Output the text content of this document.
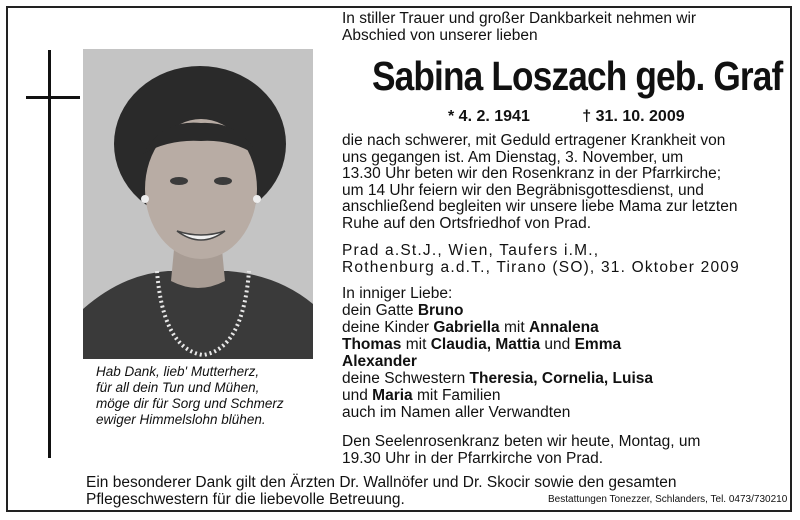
Hab Dank, lieb' Mutterherz,
für all dein Tun und Mühen,
möge dir für Sorg und Schmerz
ewiger Himmelslohn blühen.
In stiller Trauer und großer Dankbarkeit nehmen wir
Abschied von unserer lieben
Sabina Loszach geb. Graf
* 4. 2. 1941	† 31. 10. 2009
die nach schwerer, mit Geduld ertragener Krankheit von
uns gegangen ist. Am Dienstag, 3. November, um
13.30 Uhr beten wir den Rosenkranz in der Pfarrkirche;
um 14 Uhr feiern wir den Begräbnisgottesdienst, und
anschließend begleiten wir unsere liebe Mama zur letzten
Ruhe auf den Ortsfriedhof von Prad.
Prad a.St.J., Wien, Taufers i.M.,
Rothenburg a.d.T., Tirano (SO), 31. Oktober 2009
In inniger Liebe:
dein Gatte Bruno
deine Kinder Gabriella mit Annalena
Thomas mit Claudia, Mattia und Emma
Alexander
deine Schwestern Theresia, Cornelia, Luisa
und Maria mit Familien
auch im Namen aller Verwandten
Den Seelenrosenkranz beten wir heute, Montag, um
19.30 Uhr in der Pfarrkirche von Prad.
Ein besonderer Dank gilt den Ärzten Dr. Wallnöfer und Dr. Skocir sowie den gesamten
Pflegeschwestern für die liebevolle Betreuung.	Bestattungen Tonezzer, Schlanders, Tel. 0473/730210
